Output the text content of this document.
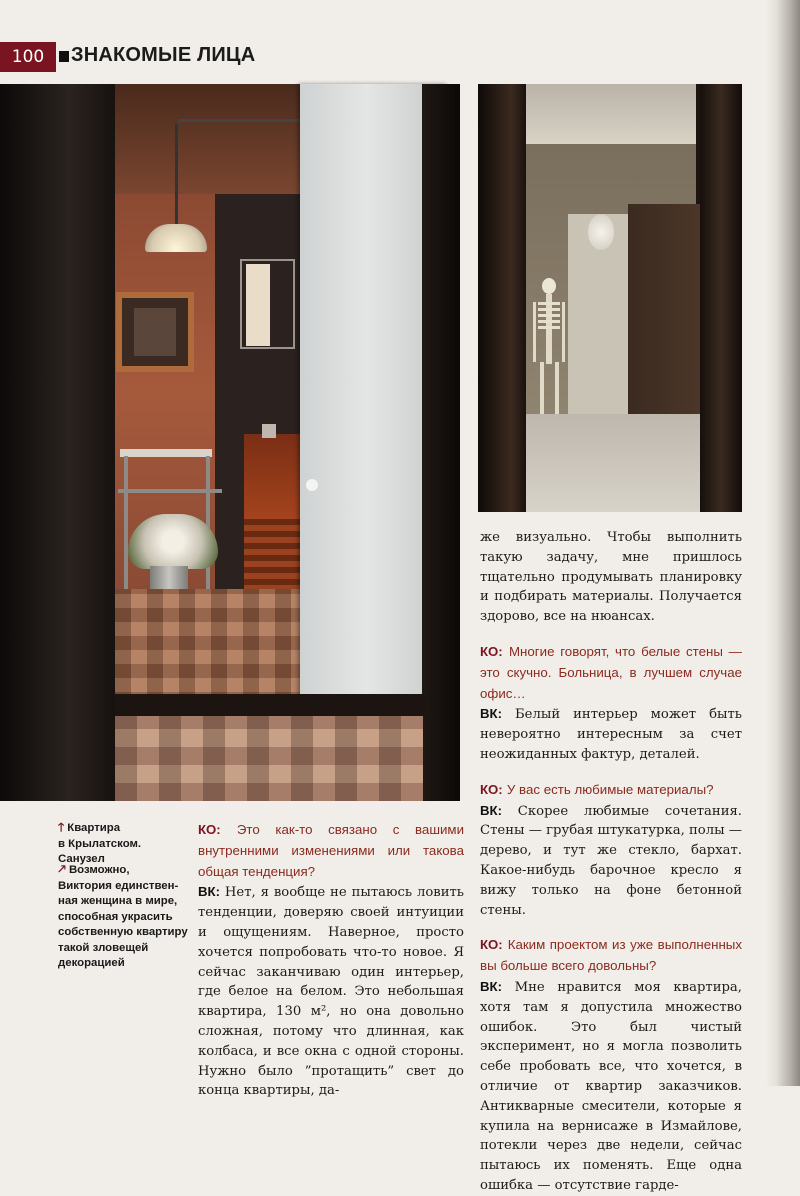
100	ЗНАКОМЫЕ ЛИЦА
🡑 Квартира
в Крылатском. Санузел
🡕 Возможно,
Виктория единствен-
ная женщина в мире,
способная украсить
собственную квартиру
такой зловещей
декорацией

КО: Это как-то связано с вашими внутренними изменениями или такова общая тенденция?

ВК: Нет, я вообще не пытаюсь ловить тенденции, доверяю своей интуиции и ощущениям. Наверное, просто хочется попробовать что-то новое. Я сейчас заканчиваю один интерьер, где белое на белом. Это небольшая квартира, 130 м², но она довольно сложная, потому что длинная, как колбаса, и все окна с одной стороны. Нужно было ”протащить” свет до конца квартиры, да-

же визуально. Чтобы выполнить такую задачу, мне пришлось тщательно продумывать планировку и подбирать материалы. Получается здорово, все на нюансах.

КО: Многие говорят, что белые стены — это скучно. Больница, в лучшем случае офис…

ВК: Белый интерьер может быть невероятно интересным за счет неожиданных фактур, деталей.

КО: У вас есть любимые материалы?

ВК: Скорее любимые сочетания. Стены — грубая штукатурка, полы — дерево, и тут же стекло, бархат. Какое-нибудь барочное кресло я вижу только на фоне бетонной стены.

КО: Каким проектом из уже выполненных вы больше всего довольны?

ВК: Мне нравится моя квартира, хотя там я допустила множество ошибок. Это был чистый эксперимент, но я могла позволить себе пробовать все, что хочется, в отличие от квартир заказчиков. Антикварные смесители, которые я купила на вернисаже в Измайлове, потекли через две недели, сейчас пытаюсь их поменять. Еще одна ошибка — отсутствие гарде-
